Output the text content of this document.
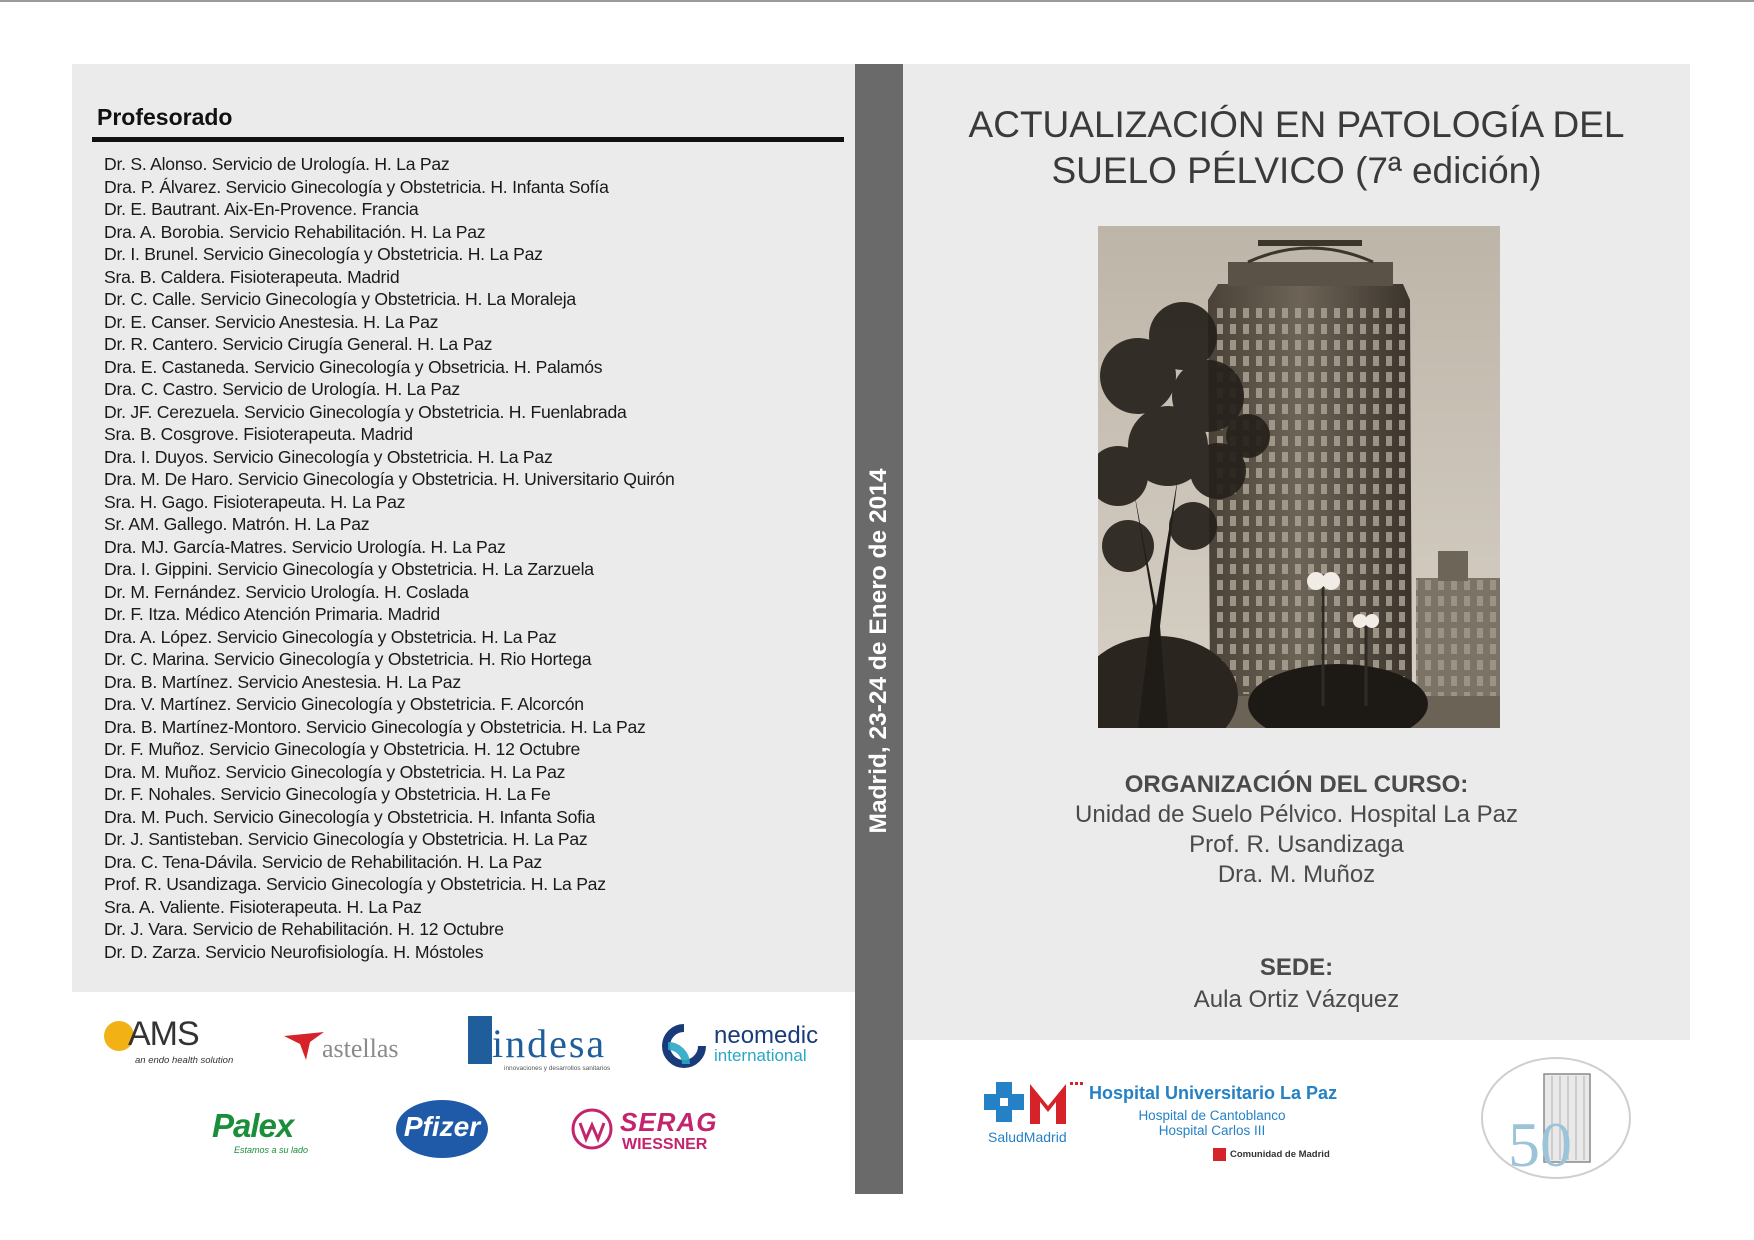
Profesorado
Dr. S. Alonso. Servicio de Urología. H. La Paz
Dra. P. Álvarez. Servicio Ginecología y Obstetricia. H. Infanta Sofía
Dr. E. Bautrant. Aix-En-Provence. Francia
Dra. A. Borobia. Servicio Rehabilitación. H. La Paz
Dr. I. Brunel. Servicio Ginecología y Obstetricia. H. La Paz
Sra. B. Caldera. Fisioterapeuta. Madrid
Dr. C. Calle. Servicio Ginecología y Obstetricia. H. La Moraleja
Dr. E. Canser. Servicio Anestesia. H. La Paz
Dr. R. Cantero. Servicio Cirugía General. H. La Paz
Dra. E. Castaneda. Servicio Ginecología y Obsetricia. H. Palamós
Dra. C. Castro. Servicio de Urología. H. La Paz
Dr. JF. Cerezuela. Servicio Ginecología y Obstetricia. H. Fuenlabrada
Sra. B. Cosgrove. Fisioterapeuta. Madrid
Dra. I. Duyos. Servicio Ginecología y Obstetricia. H. La Paz
Dra. M. De Haro. Servicio Ginecología y Obstetricia. H. Universitario Quirón
Sra. H. Gago. Fisioterapeuta. H. La Paz
Sr. AM. Gallego. Matrón. H. La Paz
Dra. MJ. García-Matres. Servicio Urología. H. La Paz
Dra. I. Gippini. Servicio Ginecología y Obstetricia. H. La Zarzuela
Dr. M. Fernández. Servicio Urología. H. Coslada
Dr. F. Itza. Médico Atención Primaria. Madrid
Dra. A. López. Servicio Ginecología y Obstetricia. H. La Paz
Dr. C. Marina. Servicio Ginecología y Obstetricia. H. Rio Hortega
Dra. B. Martínez. Servicio Anestesia. H. La Paz
Dra. V. Martínez. Servicio Ginecología y Obstetricia. F. Alcorcón
Dra. B. Martínez-Montoro. Servicio Ginecología y Obstetricia. H. La Paz
Dr. F. Muñoz. Servicio Ginecología y Obstetricia. H. 12 Octubre
Dra. M. Muñoz. Servicio Ginecología y Obstetricia. H. La Paz
Dr. F. Nohales. Servicio Ginecología y Obstetricia. H. La Fe
Dra. M. Puch. Servicio Ginecología y Obstetricia. H. Infanta Sofia
Dr. J. Santisteban. Servicio Ginecología y Obstetricia. H. La Paz
Dra. C. Tena-Dávila. Servicio de Rehabilitación. H. La Paz
Prof. R. Usandizaga. Servicio Ginecología y Obstetricia. H. La Paz
Sra. A. Valiente. Fisioterapeuta. H. La Paz
Dr. J. Vara. Servicio de Rehabilitación. H. 12 Octubre
Dr. D. Zarza. Servicio Neurofisiología. H. Móstoles
Madrid, 23-24 de Enero de 2014
ACTUALIZACIÓN EN PATOLOGÍA DEL
SUELO PÉLVICO (7ª edición)
ORGANIZACIÓN DEL CURSO:
Unidad de Suelo Pélvico. Hospital La Paz
Prof. R. Usandizaga
Dra. M. Muñoz
SEDE:
Aula Ortiz Vázquez
AMS
an endo health solution	astellas indesa
innovaciones y desarrollos sanitarios
neomedic
international
Palex
Estamos a su lado
Pfizer	SERAG
WIESSNER	SaludMadrid
Hospital Universitario La Paz
Hospital de Cantoblanco
Hospital Carlos III
Comunidad de Madrid	50
